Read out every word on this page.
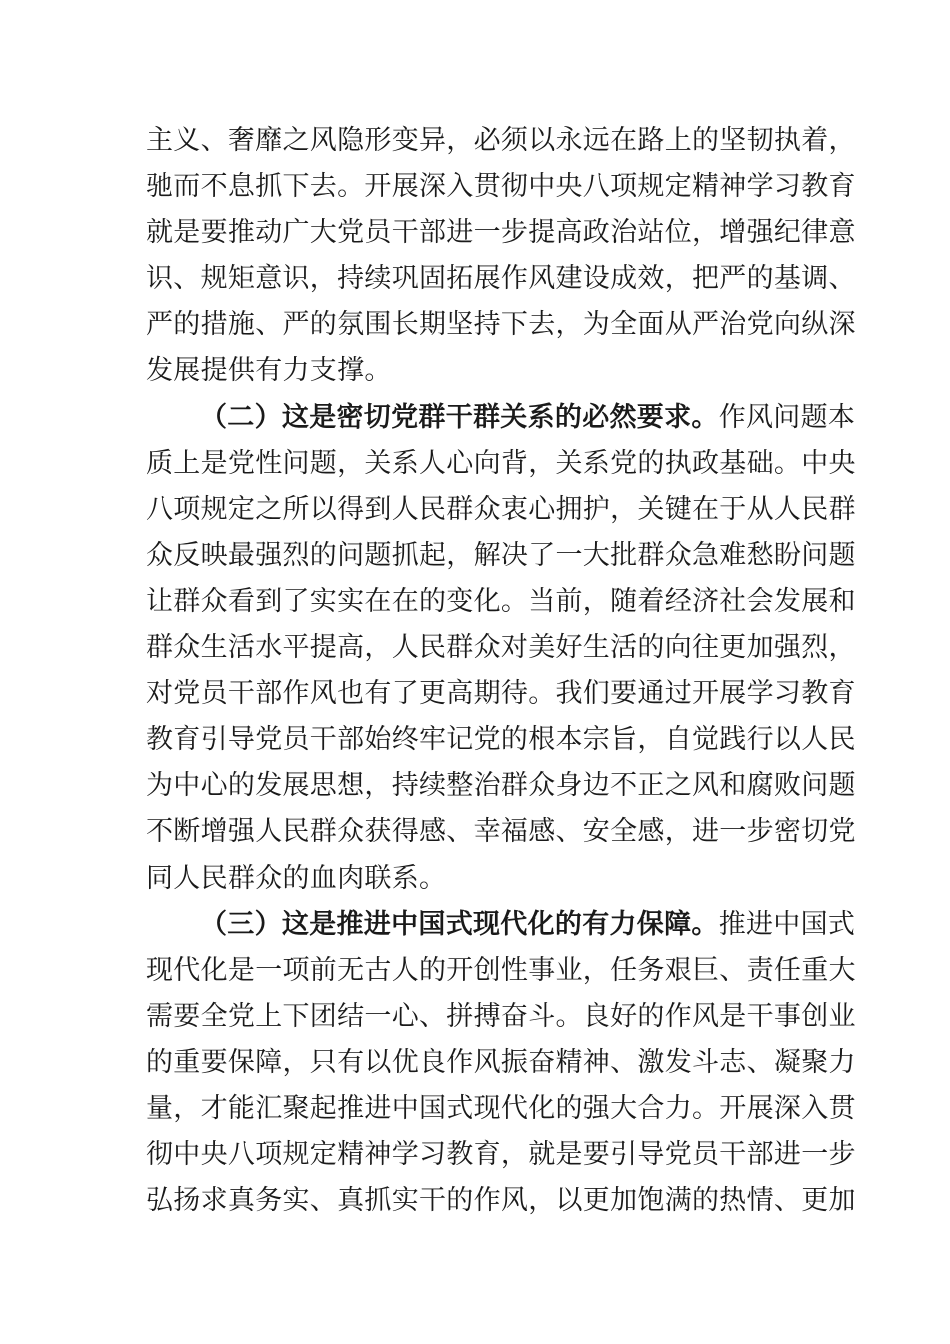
主义、奢靡之风隐形变异，必须以永远在路上的坚韧执着，
驰而不息抓下去。开展深入贯彻中央八项规定精神学习教育
就是要推动广大党员干部进一步提高政治站位，增强纪律意
识、规矩意识，持续巩固拓展作风建设成效，把严的基调、
严的措施、严的氛围长期坚持下去，为全面从严治党向纵深
发展提供有力支撑。
（二）这是密切党群干群关系的必然要求。作风问题本
质上是党性问题，关系人心向背，关系党的执政基础。中央
八项规定之所以得到人民群众衷心拥护，关键在于从人民群
众反映最强烈的问题抓起，解决了一大批群众急难愁盼问题
让群众看到了实实在在的变化。当前，随着经济社会发展和
群众生活水平提高，人民群众对美好生活的向往更加强烈，
对党员干部作风也有了更高期待。我们要通过开展学习教育
教育引导党员干部始终牢记党的根本宗旨，自觉践行以人民
为中心的发展思想，持续整治群众身边不正之风和腐败问题
不断增强人民群众获得感、幸福感、安全感，进一步密切党
同人民群众的血肉联系。
（三）这是推进中国式现代化的有力保障。推进中国式
现代化是一项前无古人的开创性事业，任务艰巨、责任重大
需要全党上下团结一心、拼搏奋斗。良好的作风是干事创业
的重要保障，只有以优良作风振奋精神、激发斗志、凝聚力
量，才能汇聚起推进中国式现代化的强大合力。开展深入贯
彻中央八项规定精神学习教育，就是要引导党员干部进一步
弘扬求真务实、真抓实干的作风，以更加饱满的热情、更加
